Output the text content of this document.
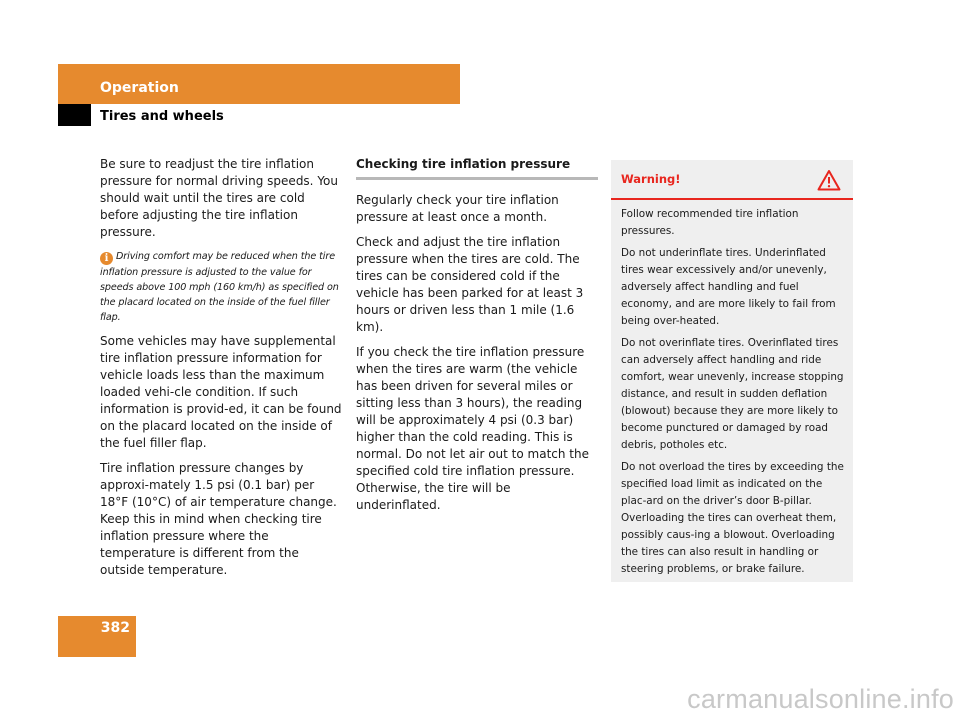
Operation
Tires and wheels

Be sure to readjust the tire inflation pressure for normal driving speeds. You should wait until the tires are cold before adjusting the tire inflation pressure.

i Driving comfort may be reduced when the tire inflation pressure is adjusted to the value for speeds above 100 mph (160 km/h) as specified on the placard located on the inside of the fuel filler flap.

Some vehicles may have supplemental tire inflation pressure information for vehicle loads less than the maximum loaded vehi-cle condition. If such information is provid-ed, it can be found on the placard located on the inside of the fuel filler flap.

Tire inflation pressure changes by approxi-mately 1.5 psi (0.1 bar) per 18°F (10°C) of air temperature change. Keep this in mind when checking tire inflation pressure where the temperature is different from the outside temperature.

Checking tire inflation pressure

Regularly check your tire inflation pressure at least once a month.

Check and adjust the tire inflation pressure when the tires are cold. The tires can be considered cold if the vehicle has been parked for at least 3 hours or driven less than 1 mile (1.6 km).

If you check the tire inflation pressure when the tires are warm (the vehicle has been driven for several miles or sitting less than 3 hours), the reading will be approximately 4 psi (0.3 bar) higher than the cold reading. This is normal. Do not let air out to match the specified cold tire inflation pressure. Otherwise, the tire will be underinflated.

Warning!

Follow recommended tire inflation pressures.

Do not underinflate tires. Underinflated tires wear excessively and/or unevenly, adversely affect handling and fuel economy, and are more likely to fail from being over-heated.

Do not overinflate tires. Overinflated tires can adversely affect handling and ride comfort, wear unevenly, increase stopping distance, and result in sudden deflation (blowout) because they are more likely to become punctured or damaged by road debris, potholes etc.

Do not overload the tires by exceeding the specified load limit as indicated on the plac-ard on the driver’s door B-pillar. Overloading the tires can overheat them, possibly caus-ing a blowout. Overloading the tires can also result in handling or steering problems, or brake failure.

382
carmanualsonline.info
